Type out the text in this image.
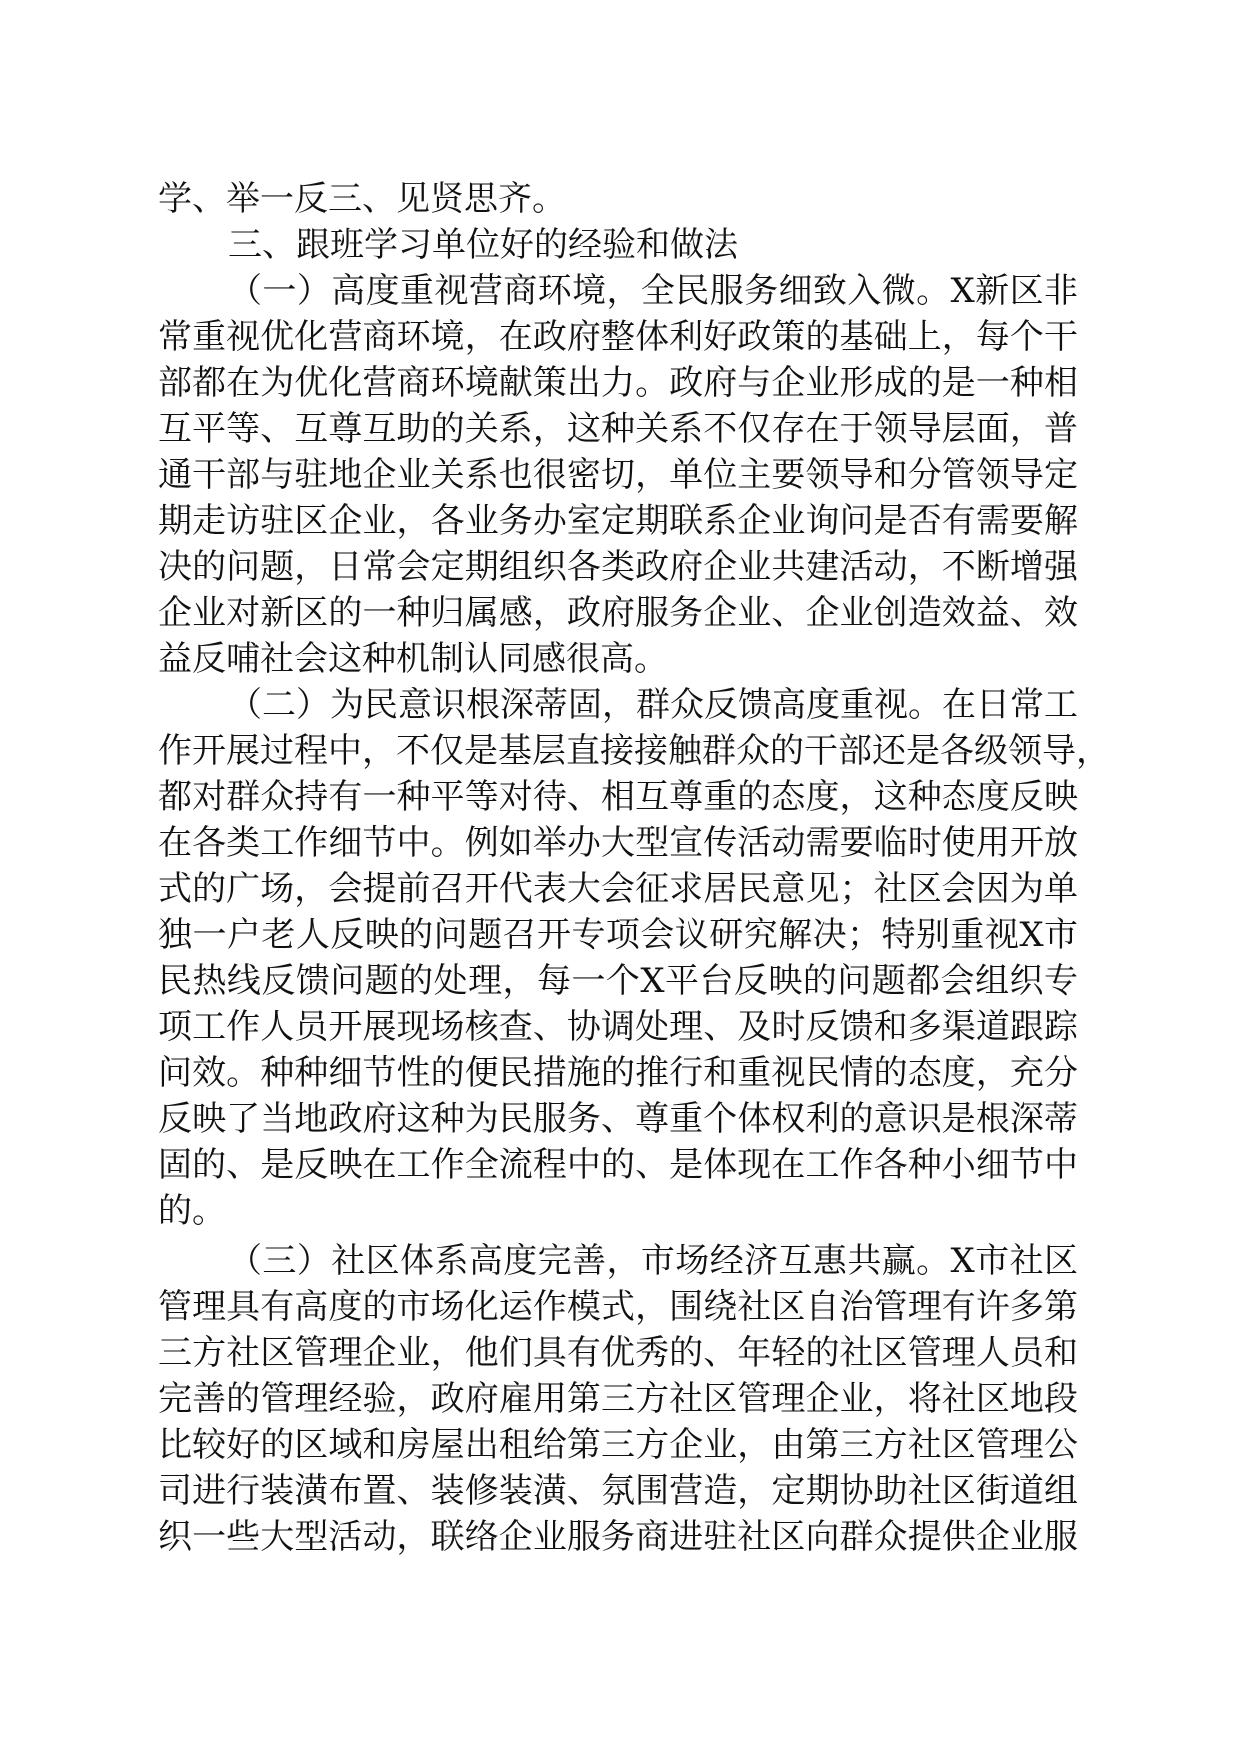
学、举一反三、见贤思齐。
三、跟班学习单位好的经验和做法
（一）高度重视营商环境，全民服务细致入微。X新区非
常重视优化营商环境，在政府整体利好政策的基础上，每个干
部都在为优化营商环境献策出力。政府与企业形成的是一种相
互平等、互尊互助的关系，这种关系不仅存在于领导层面，普
通干部与驻地企业关系也很密切，单位主要领导和分管领导定
期走访驻区企业，各业务办室定期联系企业询问是否有需要解
决的问题，日常会定期组织各类政府企业共建活动，不断增强
企业对新区的一种归属感，政府服务企业、企业创造效益、效
益反哺社会这种机制认同感很高。
（二）为民意识根深蒂固，群众反馈高度重视。在日常工
作开展过程中，不仅是基层直接接触群众的干部还是各级领导，
都对群众持有一种平等对待、相互尊重的态度，这种态度反映
在各类工作细节中。例如举办大型宣传活动需要临时使用开放
式的广场，会提前召开代表大会征求居民意见；社区会因为单
独一户老人反映的问题召开专项会议研究解决；特别重视X市
民热线反馈问题的处理，每一个X平台反映的问题都会组织专
项工作人员开展现场核查、协调处理、及时反馈和多渠道跟踪
问效。种种细节性的便民措施的推行和重视民情的态度，充分
反映了当地政府这种为民服务、尊重个体权利的意识是根深蒂
固的、是反映在工作全流程中的、是体现在工作各种小细节中
的。
（三）社区体系高度完善，市场经济互惠共赢。X市社区
管理具有高度的市场化运作模式，围绕社区自治管理有许多第
三方社区管理企业，他们具有优秀的、年轻的社区管理人员和
完善的管理经验，政府雇用第三方社区管理企业，将社区地段
比较好的区域和房屋出租给第三方企业，由第三方社区管理公
司进行装潢布置、装修装潢、氛围营造，定期协助社区街道组
织一些大型活动，联络企业服务商进驻社区向群众提供企业服
